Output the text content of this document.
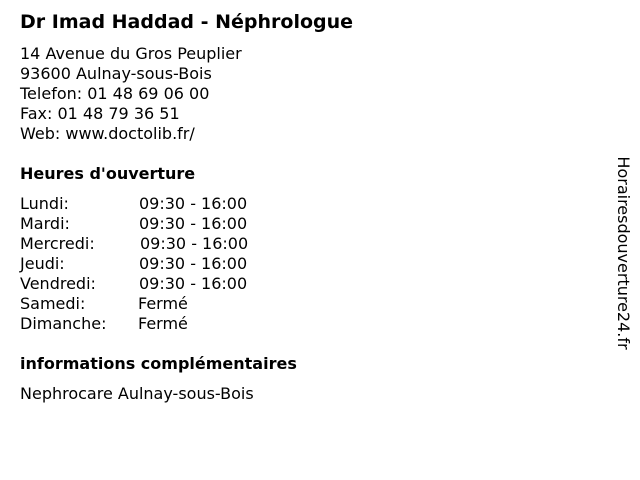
Dr Imad Haddad - Néphrologue
14 Avenue du Gros Peuplier
93600 Aulnay-sous-Bois
Telefon: 01 48 69 06 00
Fax: 01 48 79 36 51
Web: www.doctolib.fr/
Heures d'ouverture
Lundi:	09:30 - 16:00
Mardi:	09:30 - 16:00
Mercredi:	09:30 - 16:00
Jeudi:	09:30 - 16:00
Vendredi:	09:30 - 16:00
Samedi:	Fermé
Dimanche: Fermé
informations complémentaires
Nephrocare Aulnay-sous-Bois
Horairesdouverture24.fr
